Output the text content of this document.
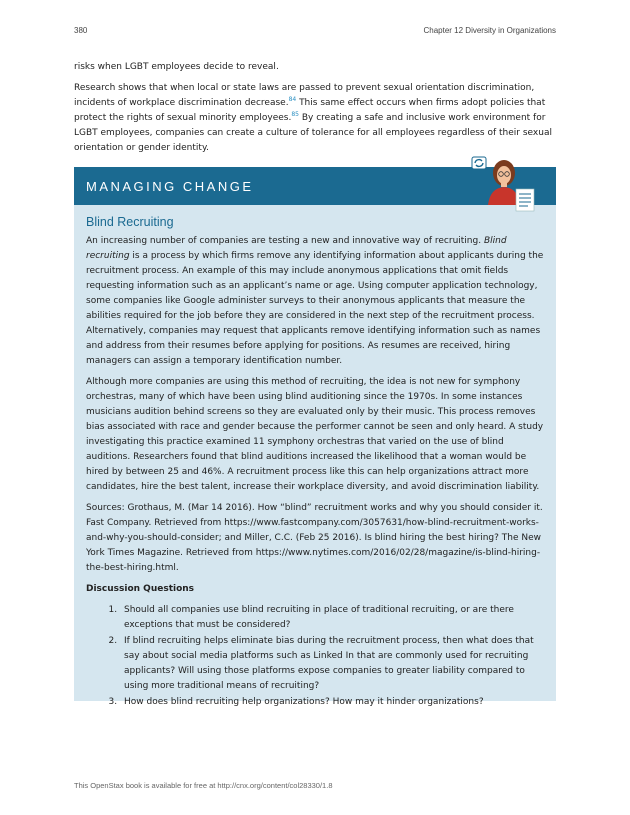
380	Chapter 12 Diversity in Organizations

risks when LGBT employees decide to reveal.

Research shows that when local or state laws are passed to prevent sexual orientation discrimination, incidents of workplace discrimination decrease.$^{84}$ This same effect occurs when firms adopt policies that protect the rights of sexual minority employees.$^{85}$ By creating a safe and inclusive work environment for LGBT employees, companies can create a culture of tolerance for all employees regardless of their sexual orientation or gender identity.

MANAGING CHANGE
Blind Recruiting

An increasing number of companies are testing a new and innovative way of recruiting. Blind recruiting is a process by which firms remove any identifying information about applicants during the recruitment process. An example of this may include anonymous applications that omit fields requesting information such as an applicant’s name or age. Using computer application technology, some companies like Google administer surveys to their anonymous applicants that measure the abilities required for the job before they are considered in the next step of the recruitment process. Alternatively, companies may request that applicants remove identifying information such as names and address from their resumes before applying for positions. As resumes are received, hiring managers can assign a temporary identification number.

Although more companies are using this method of recruiting, the idea is not new for symphony orchestras, many of which have been using blind auditioning since the 1970s. In some instances musicians audition behind screens so they are evaluated only by their music. This process removes bias associated with race and gender because the performer cannot be seen and only heard. A study investigating this practice examined 11 symphony orchestras that varied on the use of blind auditions. Researchers found that blind auditions increased the likelihood that a woman would be hired by between 25 and 46%. A recruitment process like this can help organizations attract more candidates, hire the best talent, increase their workplace diversity, and avoid discrimination liability.

Sources: Grothaus, M. (Mar 14 2016). How “blind” recruitment works and why you should consider it. Fast Company. Retrieved from https://www.fastcompany.com/3057631/how-blind-recruitment-works-and-why-you-should-consider; and Miller, C.C. (Feb 25 2016). Is blind hiring the best hiring? The New York Times Magazine. Retrieved from https://www.nytimes.com/2016/02/28/magazine/is-blind-hiring-the-best-hiring.html.

Discussion Questions

1. Should all companies use blind recruiting in place of traditional recruiting, or are there exceptions that must be considered?
2. If blind recruiting helps eliminate bias during the recruitment process, then what does that say about social media platforms such as Linked In that are commonly used for recruiting applicants? Will using those platforms expose companies to greater liability compared to using more traditional means of recruiting?
3. How does blind recruiting help organizations? How may it hinder organizations?
This OpenStax book is available for free at http://cnx.org/content/col28330/1.8
